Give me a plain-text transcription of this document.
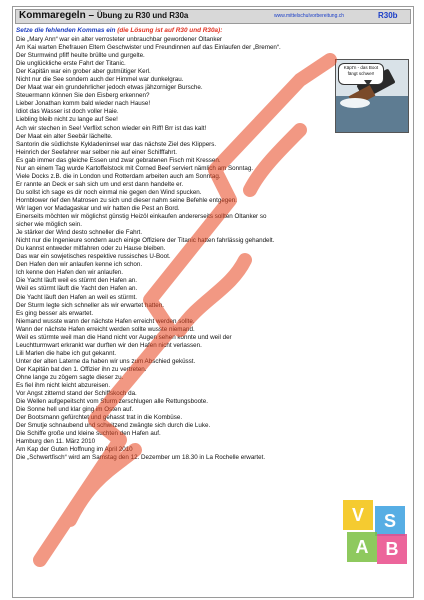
Kommaregeln – Übung zu R30 und R30a	www.mittelschulvorbereitung.ch	R30b
Setze die fehlenden Kommas ein (die Lösung ist auf R30 und R30a):
Die „Mary Ann“ war ein alter verrosteter unbrauchbar gewordener Öltanker
Am Kai warten Ehefrauen Eltern Geschwister und Freundinnen auf das Einlaufen der „Bremen“.
Der Sturmwind pfiff heulte brüllte und gurgelte.
Die unglückliche erste Fahrt der Titanic.
Der Kapitän war ein grober aber gutmütiger Kerl.
Nicht nur die See sondern auch der Himmel war dunkelgrau.
Der Maat war ein grundehrlicher jedoch etwas jähzorniger Bursche.
Steuermann können Sie den Eisberg erkennen?
Lieber Jonathan komm bald wieder nach Hause!
Idiot das Wasser ist doch voller Haie.
Liebling bleib nicht zu lange auf See!
Ach wir stechen in See! Verflixt schon wieder ein Riff! Brr ist das kalt!
Der Maat ein alter Seebär lächelte.
Santorin die südlichste Kykladeninsel war das nächste Ziel des Klippers.
Heinrich der Seefahrer war selber nie auf einer Schifffahrt.
Es gab immer das gleiche Essen und zwar gebratenen Fisch mit Kressen.
Nur an einem Tag wurde Kartoffelstock mit Corned Beef serviert nämlich am Sonntag.
Viele Docks z.B. die in London und Rotterdam arbeiten auch am Sonntag.
Er rannte an Deck er sah sich um und erst dann handelte er.
Du sollst ich sage es dir noch einmal nie gegen den Wind spucken.
Hornblower rief den Matrosen zu sich und dieser nahm seine Befehle entgegen.
Wir lagen vor Madagaskar und wir hatten die Pest an Bord.
Einerseits möchten wir möglichst günstig Heizöl einkaufen andererseits sollten Öltanker so
sicher wie möglich sein.
Je stärker der Wind desto schneller die Fahrt.
Nicht nur die Ingenieure sondern auch einige Offiziere der Titanic hatten fahrlässig gehandelt.
Du kannst entweder mitfahren oder zu Hause bleiben.
Das war ein sowjetisches respektive russisches U-Boot.
Den Hafen den wir anlaufen kenne ich schon.
Ich kenne den Hafen den wir anlaufen.
Die Yacht läuft weil es stürmt den Hafen an.
Weil es stürmt läuft die Yacht den Hafen an.
Die Yacht läuft den Hafen an weil es stürmt.
Der Sturm legte sich schneller als wir erwartet hatten.
Es ging besser als erwartet.
Niemand wusste wann der nächste Hafen erreicht werden sollte.
Wann der nächste Hafen erreicht werden sollte wusste niemand.
Weil es stürmte weil man die Hand nicht vor Augen sehen konnte und weil der
Leuchtturmwart erkrankt war durften wir den Hafen nicht verlassen.
Lili Marlen die habe ich gut gekannt.
Unter der alten Laterne da haben wir uns zum Abschied geküsst.
Der Kapitän bat den 1. Offizier ihn zu vertreten.
Ohne lange zu zögern sagte dieser zu.
Es fiel ihm nicht leicht abzureisen.
Vor Angst zitternd stand der Schiffskoch da.
Die Wellen aufgepeitscht vom Sturm zerschlugen alle Rettungsboote.
Die Sonne hell und klar ging im Osten auf.
Der Bootsmann gefürchtet und gehasst trat in die Kombüse.
Der Smutje schnaubend und schwitzend zwängte sich durch die Luke.
Die Schiffe große und kleine suchten den Hafen auf.
Hamburg den 11. März 2010
Am Kap der Guten Hoffnung im April 2010
Die „Schwertfisch“ wird am Samstag den 12. Dezember um 18.30 in La Rochelle erwartet.
Käpt'n - das Boot fängt schwer!
V	S
A B
